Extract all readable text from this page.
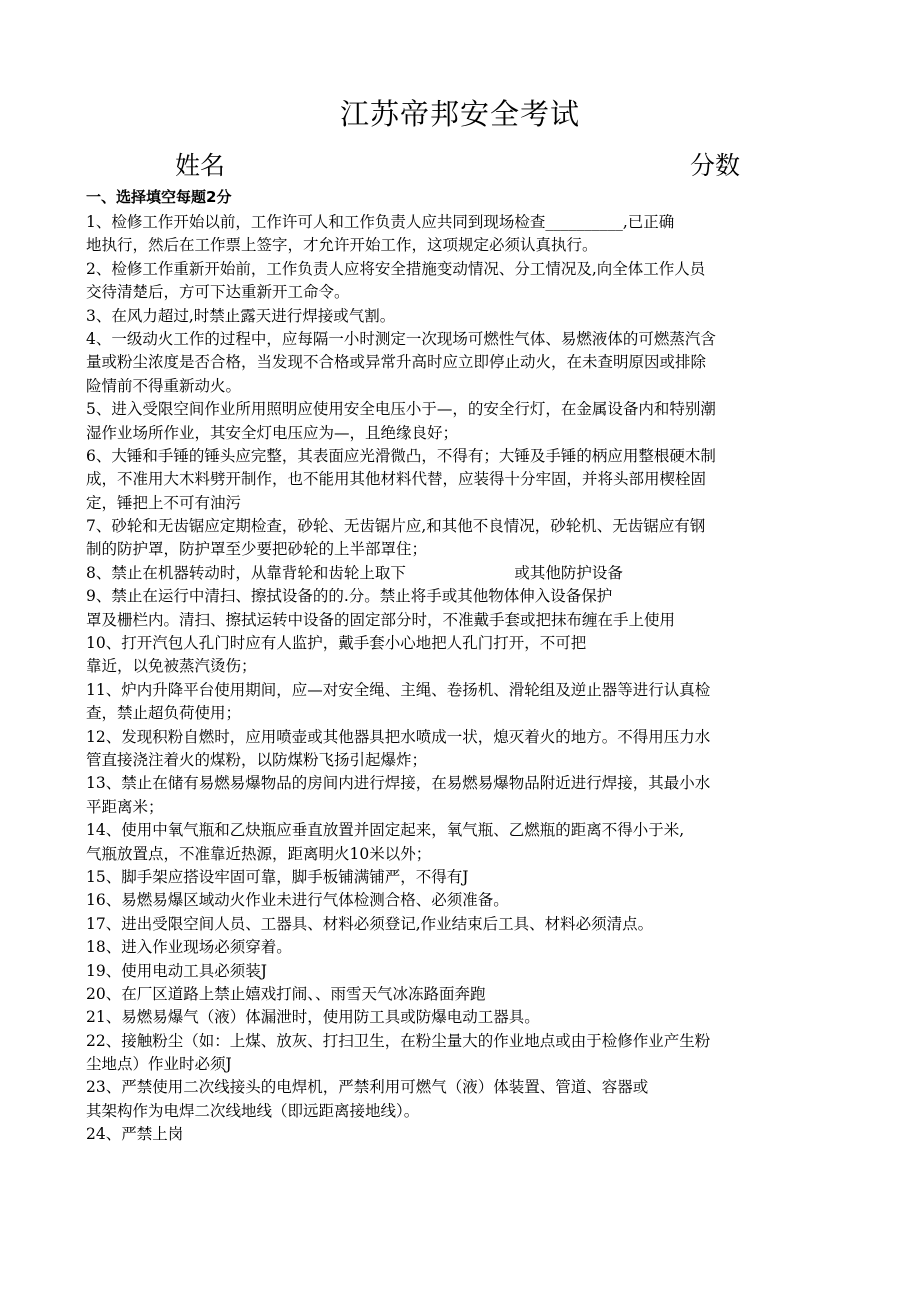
江苏帝邦安全考试
姓名	分数
一、选择填空每题2分
1、检修工作开始以前，工作许可人和工作负责人应共同到现场检查__________,已正确
地执行，然后在工作票上签字，才允许开始工作，这项规定必须认真执行。
2、检修工作重新开始前，工作负责人应将安全措施变动情况、分工情况及,向全体工作人员
交待清楚后，方可下达重新开工命令。
3、在风力超过,时禁止露天进行焊接或气割。
4、一级动火工作的过程中，应每隔一小时测定一次现场可燃性气体、易燃液体的可燃蒸汽含
量或粉尘浓度是否合格，当发现不合格或异常升高时应立即停止动火，在未查明原因或排除
险情前不得重新动火。
5、进入受限空间作业所用照明应使用安全电压小于—，的安全行灯，在金属设备内和特别潮
湿作业场所作业，其安全灯电压应为—，且绝缘良好；
6、大锤和手锤的锤头应完整，其表面应光滑微凸，不得有；大锤及手锤的柄应用整根硬木制
成，不准用大木料劈开制作，也不能用其他材料代替，应装得十分牢固，并将头部用楔栓固
定，锤把上不可有油污
7、砂轮和无齿锯应定期检查，砂轮、无齿锯片应,和其他不良情况，砂轮机、无齿锯应有钢
制的防护罩，防护罩至少要把砂轮的上半部罩住；
8、禁止在机器转动时，从靠背轮和齿轮上取下　　　　　　　或其他防护设备
9、禁止在运行中清扫、擦拭设备的的.分。禁止将手或其他物体伸入设备保护
罩及栅栏内。清扫、擦拭运转中设备的固定部分时，不准戴手套或把抹布缠在手上使用
10、打开汽包人孔门时应有人监护，戴手套小心地把人孔门打开，不可把
靠近，以免被蒸汽烫伤；
11、炉内升降平台使用期间，应—对安全绳、主绳、卷扬机、滑轮组及逆止器等进行认真检
查，禁止超负荷使用；
12、发现积粉自燃时，应用喷壶或其他器具把水喷成一状，熄灭着火的地方。不得用压力水
管直接浇注着火的煤粉，以防煤粉飞扬引起爆炸；
13、禁止在储有易燃易爆物品的房间内进行焊接，在易燃易爆物品附近进行焊接，其最小水
平距离米；
14、使用中氧气瓶和乙炔瓶应垂直放置并固定起来，氧气瓶、乙燃瓶的距离不得小于米,
气瓶放置点，不准靠近热源，距离明火10米以外；
15、脚手架应搭设牢固可靠，脚手板铺满铺严，不得有J
16、易燃易爆区域动火作业未进行气体检测合格、必须准备。
17、进出受限空间人员、工器具、材料必须登记,作业结束后工具、材料必须清点。
18、进入作业现场必须穿着。
19、使用电动工具必须装J
20、在厂区道路上禁止嬉戏打闹、、雨雪天气冰冻路面奔跑
21、易燃易爆气（液）体漏泄时，使用防工具或防爆电动工器具。
22、接触粉尘（如：上煤、放灰、打扫卫生，在粉尘量大的作业地点或由于检修作业产生粉
尘地点）作业时必须J
23、严禁使用二次线接头的电焊机，严禁利用可燃气（液）体装置、管道、容器或
其架构作为电焊二次线地线（即远距离接地线）。
24、严禁上岗
